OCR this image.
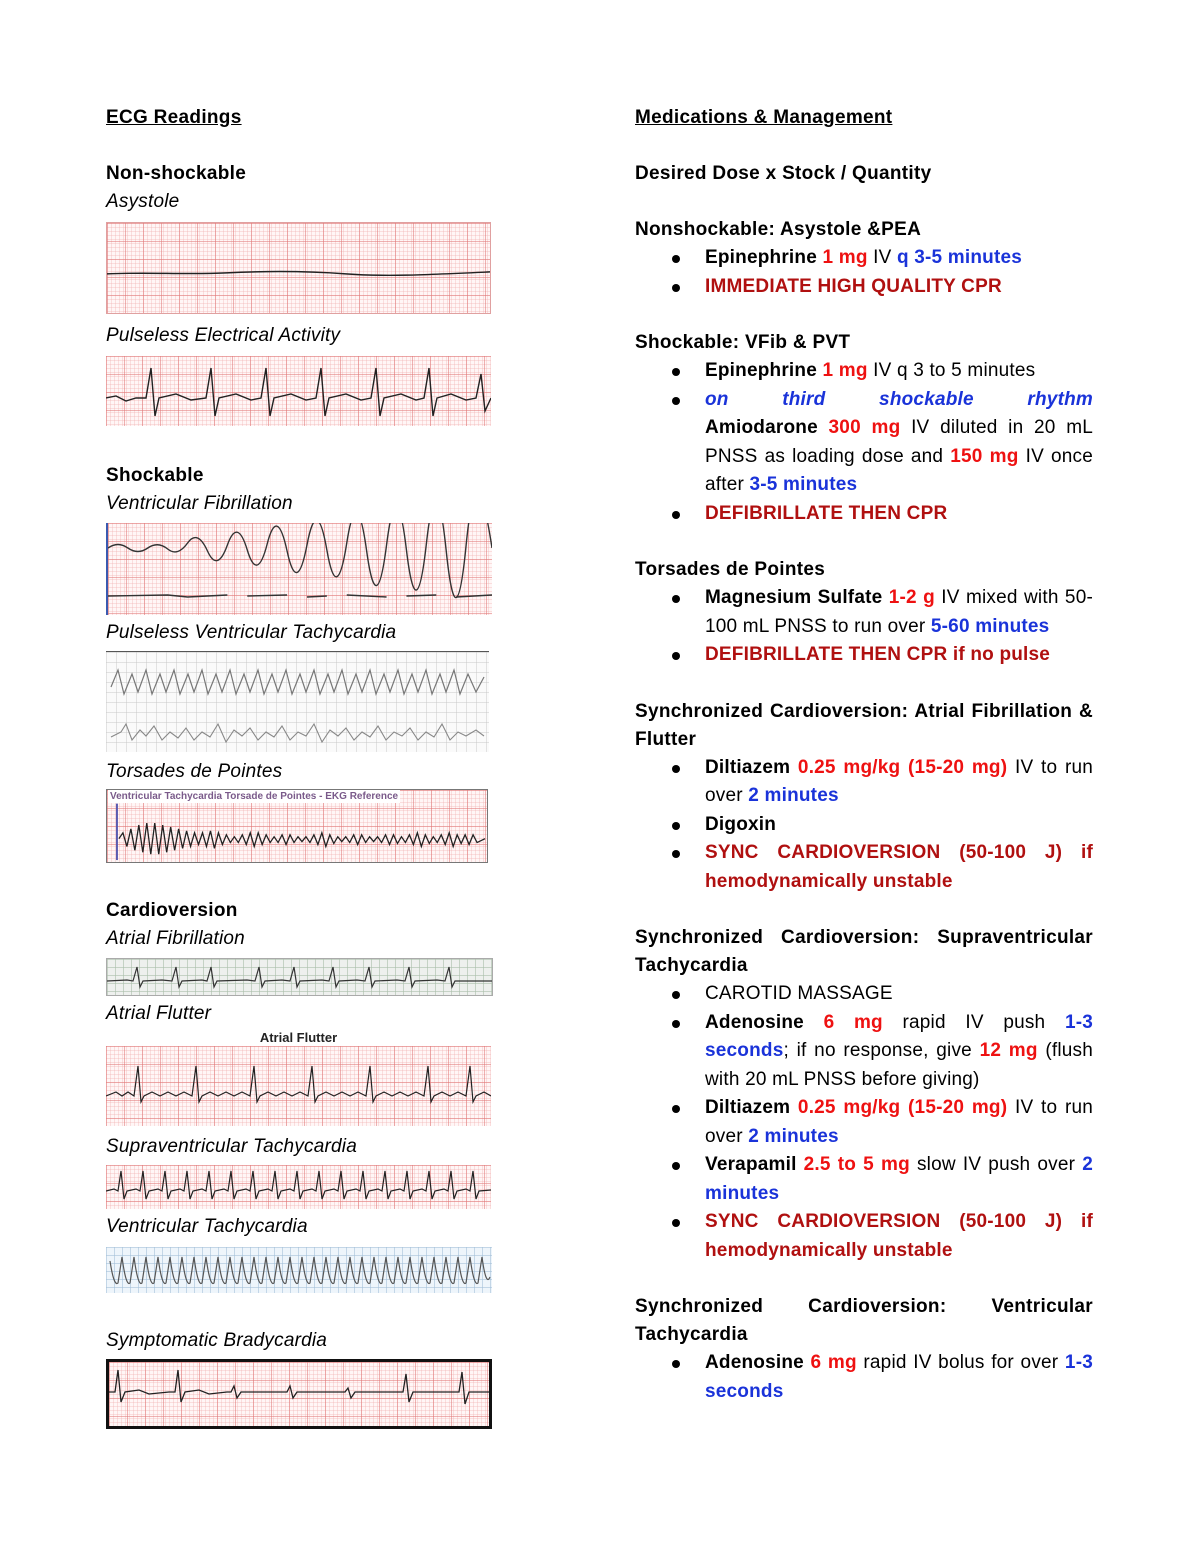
ECG Readings
Non-shockable
Asystole
Pulseless Electrical Activity
Shockable
Ventricular Fibrillation
Pulseless Ventricular Tachycardia
Torsades de Pointes
Ventricular Tachycardia Torsade de Pointes - EKG Reference
Cardioversion
Atrial Fibrillation
Atrial Flutter
Atrial Flutter
Supraventricular Tachycardia
Ventricular Tachycardia
Symptomatic Bradycardia
Medications & Management
Desired Dose x Stock / Quantity
Nonshockable: Asystole &PEA
Epinephrine 1 mg IV q 3-5 minutes
IMMEDIATE HIGH QUALITY CPR
Shockable: VFib & PVT
Epinephrine 1 mg IV q 3 to 5 minutes
on third shockable rhythm
Amiodarone 300 mg IV diluted in 20 mL PNSS as loading dose and 150 mg IV once after 3-5 minutes
DEFIBRILLATE THEN CPR
Torsades de Pointes
Magnesium Sulfate 1-2 g IV mixed with 50-100 mL PNSS to run over 5-60 minutes
DEFIBRILLATE THEN CPR if no pulse
Synchronized Cardioversion: Atrial Fibrillation & Flutter
Diltiazem 0.25 mg/kg (15-20 mg) IV to run over 2 minutes
Digoxin
SYNC CARDIOVERSION (50-100 J) if hemodynamically unstable
Synchronized Cardioversion: Supraventricular Tachycardia
CAROTID MASSAGE
Adenosine 6 mg rapid IV push 1-3 seconds; if no response, give 12 mg (flush with 20 mL PNSS before giving)
Diltiazem 0.25 mg/kg (15-20 mg) IV to run over 2 minutes
Verapamil 2.5 to 5 mg slow IV push over 2 minutes
SYNC CARDIOVERSION (50-100 J) if hemodynamically unstable
Synchronized Cardioversion: Ventricular Tachycardia
Adenosine 6 mg rapid IV bolus for over 1-3 seconds
